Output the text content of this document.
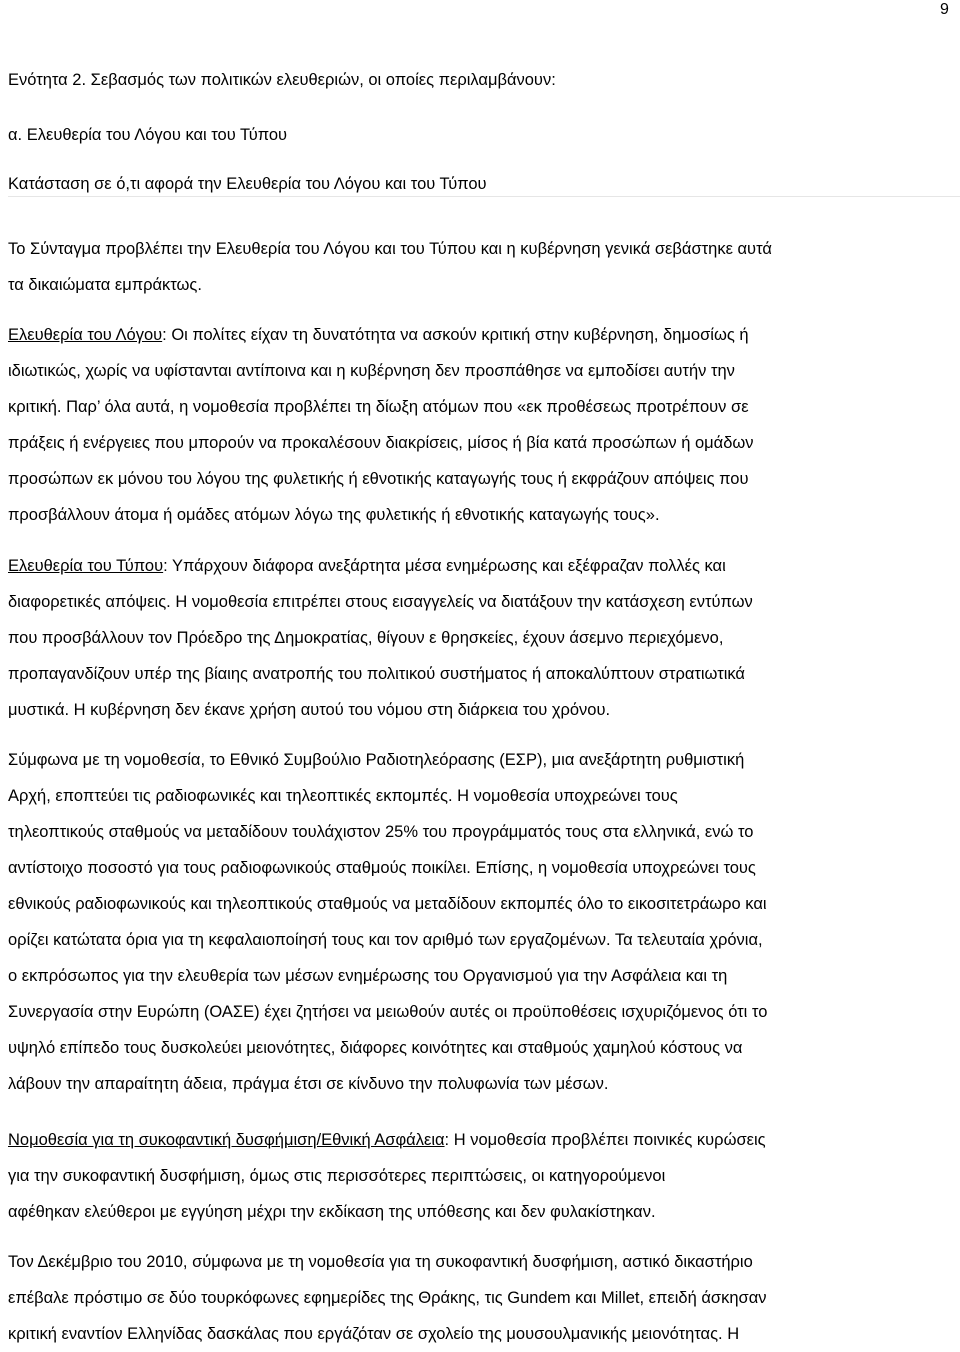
9

Ενότητα 2. Σεβασμός των πολιτικών ελευθεριών, οι οποίες περιλαμβάνουν:

α. Ελευθερία του Λόγου και του Τύπου

Κατάσταση σε ό,τι αφορά την Ελευθερία του Λόγου και του Τύπου

Το Σύνταγμα προβλέπει την Ελευθερία του Λόγου και του Τύπου και η κυβέρνηση γενικά σεβάστηκε αυτά

τα δικαιώματα εμπράκτως.

Ελευθερία του Λόγου: Οι πολίτες είχαν τη δυνατότητα να ασκούν κριτική στην κυβέρνηση, δημοσίως ή

ιδιωτικώς, χωρίς να υφίστανται αντίποινα και η κυβέρνηση δεν προσπάθησε να εμποδίσει αυτήν την

κριτική. Παρ’ όλα αυτά, η νομοθεσία προβλέπει τη δίωξη ατόμων που «εκ προθέσεως προτρέπουν σε

πράξεις ή ενέργειες που μπορούν να προκαλέσουν διακρίσεις, μίσος ή βία κατά προσώπων ή ομάδων

προσώπων εκ μόνου του λόγου της φυλετικής ή εθνοτικής καταγωγής τους ή εκφράζουν απόψεις που

προσβάλλουν άτομα ή ομάδες ατόμων λόγω της φυλετικής ή εθνοτικής καταγωγής τους».

Ελευθερία του Τύπου: Υπάρχουν διάφορα ανεξάρτητα μέσα ενημέρωσης και εξέφραζαν πολλές και

διαφορετικές απόψεις. Η νομοθεσία επιτρέπει στους εισαγγελείς να διατάξουν την κατάσχεση εντύπων

που προσβάλλουν τον Πρόεδρο της Δημοκρατίας, θίγουν ε θρησκείες, έχουν άσεμνο περιεχόμενο,

προπαγανδίζουν υπέρ της βίαιης ανατροπής του πολιτικού συστήματος ή αποκαλύπτουν στρατιωτικά

μυστικά. Η κυβέρνηση δεν έκανε χρήση αυτού του νόμου στη διάρκεια του χρόνου.

Σύμφωνα με τη νομοθεσία, το Εθνικό Συμβούλιο Ραδιοτηλεόρασης (ΕΣΡ), μια ανεξάρτητη ρυθμιστική

Αρχή, εποπτεύει τις ραδιοφωνικές και τηλεοπτικές εκπομπές. Η νομοθεσία υποχρεώνει τους

τηλεοπτικούς σταθμούς να μεταδίδουν τουλάχιστον 25% του προγράμματός τους στα ελληνικά, ενώ το

αντίστοιχο ποσοστό για τους ραδιοφωνικούς σταθμούς ποικίλει. Επίσης, η νομοθεσία υποχρεώνει τους

εθνικούς ραδιοφωνικούς και τηλεοπτικούς σταθμούς να μεταδίδουν εκπομπές όλο το εικοσιτετράωρο και

ορίζει κατώτατα όρια για τη κεφαλαιοποίησή τους και τον αριθμό των εργαζομένων. Τα τελευταία χρόνια,

ο εκπρόσωπος για την ελευθερία των μέσων ενημέρωσης του Οργανισμού για την Ασφάλεια και τη

Συνεργασία στην Ευρώπη (ΟΑΣΕ) έχει ζητήσει να μειωθούν αυτές οι προϋποθέσεις ισχυριζόμενος ότι το

υψηλό επίπεδο τους δυσκολεύει μειονότητες, διάφορες κοινότητες και σταθμούς χαμηλού κόστους να

λάβουν την απαραίτητη άδεια, πράγμα έτσι σε κίνδυνο την πολυφωνία των μέσων.

Νομοθεσία για τη συκοφαντική δυσφήμιση/Εθνική Ασφάλεια: Η νομοθεσία προβλέπει ποινικές κυρώσεις

για την συκοφαντική δυσφήμιση, όμως στις περισσότερες περιπτώσεις, οι κατηγορούμενοι

αφέθηκαν ελεύθεροι με εγγύηση μέχρι την εκδίκαση της υπόθεσης και δεν φυλακίστηκαν.

Τον Δεκέμβριο του 2010, σύμφωνα με τη νομοθεσία για τη συκοφαντική δυσφήμιση, αστικό δικαστήριο

επέβαλε πρόστιμο σε δύο τουρκόφωνες εφημερίδες της Θράκης, τις Gundem και Millet, επειδή άσκησαν

κριτική εναντίον Ελληνίδας δασκάλας που εργάζόταν σε σχολείο της μουσουλμανικής μειονότητας. Η
